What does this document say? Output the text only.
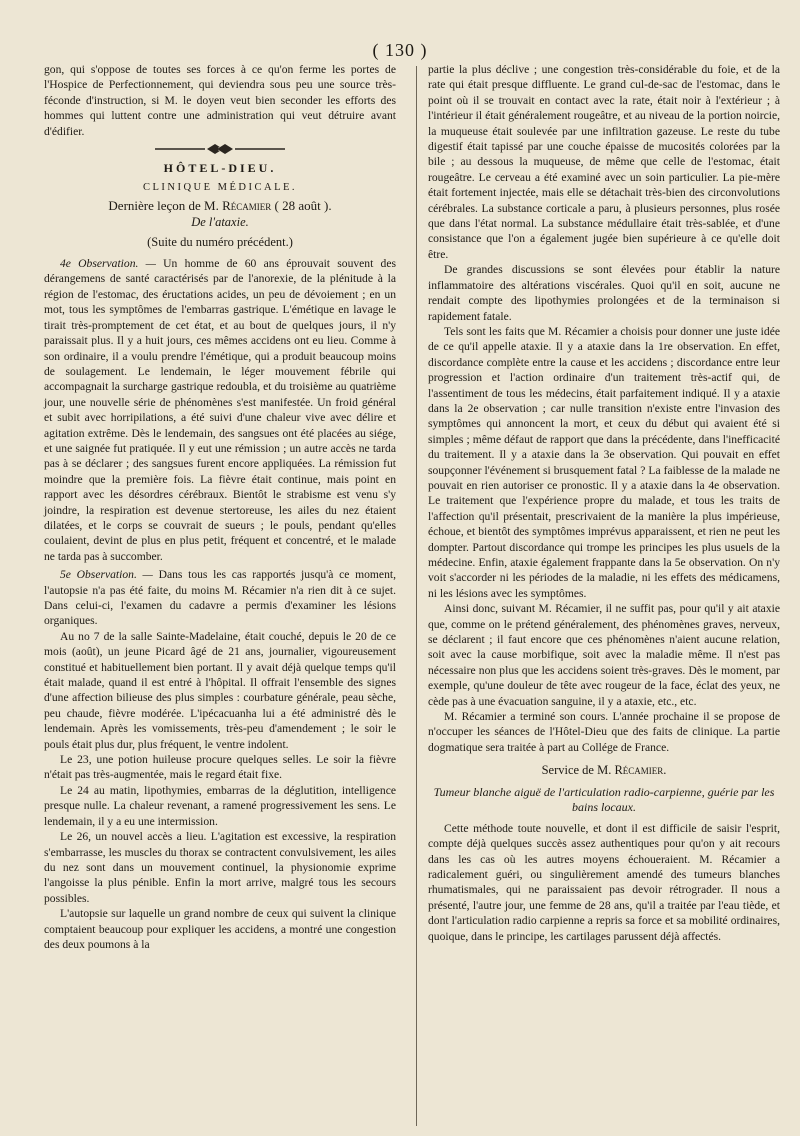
( 130 )

gon, qui s'oppose de toutes ses forces à ce qu'on ferme les portes de l'Hospice de Perfectionnement, qui deviendra sous peu une source très-féconde d'instruction, si M. le doyen veut bien seconder les efforts des hommes qui luttent contre une administration qui veut détruire avant d'édifier.

HÔTEL-DIEU.
CLINIQUE MÉDICALE.
Dernière leçon de M. Récamier ( 28 août ).
De l'ataxie.
(Suite du numéro précédent.)

4e Observation. — Un homme de 60 ans éprouvait souvent des dérangemens de santé caractérisés par de l'anorexie, de la plénitude à la région de l'estomac, des éructations acides, un peu de dévoiement ; en un mot, tous les symptômes de l'embarras gastrique. L'émétique en lavage le tirait très-promptement de cet état, et au bout de quelques jours, il n'y paraissait plus. Il y a huit jours, ces mêmes accidens ont eu lieu. Comme à son ordinaire, il a voulu prendre l'émétique, qui a produit beaucoup moins de soulagement. Le lendemain, le léger mouvement fébrile qui accompagnait la surcharge gastrique redoubla, et du troisième au quatrième jour, une nouvelle série de phénomènes s'est manifestée. Un froid général et subit avec horripilations, a été suivi d'une chaleur vive avec délire et agitation extrême. Dès le lendemain, des sangsues ont été placées au siége, et une saignée fut pratiquée. Il y eut une rémission ; un autre accès ne tarda pas à se déclarer ; des sangsues furent encore appliquées. La rémission fut moindre que la première fois. La fièvre était continue, mais point en rapport avec les désordres cérébraux. Bientôt le strabisme est venu s'y joindre, la respiration est devenue stertoreuse, les ailes du nez étaient dilatées, et le corps se couvrait de sueurs ; le pouls, pendant qu'elles coulaient, devint de plus en plus petit, fréquent et concentré, et le malade ne tarda pas à succomber.

5e Observation. — Dans tous les cas rapportés jusqu'à ce moment, l'autopsie n'a pas été faite, du moins M. Récamier n'a rien dit à ce sujet. Dans celui-ci, l'examen du cadavre a permis d'examiner les lésions organiques.

Au no 7 de la salle Sainte-Madelaine, était couché, depuis le 20 de ce mois (août), un jeune Picard âgé de 21 ans, journalier, vigoureusement constitué et habituellement bien portant. Il y avait déjà quelque temps qu'il était malade, quand il est entré à l'hôpital. Il offrait l'ensemble des signes d'une affection bilieuse des plus simples : courbature générale, peau sèche, peu chaude, fièvre modérée. L'ipécacuanha lui a été administré dès le lendemain. Après les vomissements, très-peu d'amendement ; le soir le pouls était plus dur, plus fréquent, le ventre indolent.

Le 23, une potion huileuse procure quelques selles. Le soir la fièvre n'était pas très-augmentée, mais le regard était fixe.

Le 24 au matin, lipothymies, embarras de la déglutition, intelligence presque nulle. La chaleur revenant, a ramené progressivement les sens. Le lendemain, il y a eu une intermission.

Le 26, un nouvel accès a lieu. L'agitation est excessive, la respiration s'embarrasse, les muscles du thorax se contractent convulsivement, les ailes du nez sont dans un mouvement continuel, la physionomie exprime l'angoisse la plus pénible. Enfin la mort arrive, malgré tous les secours possibles.

L'autopsie sur laquelle un grand nombre de ceux qui suivent la clinique comptaient beaucoup pour expliquer les accidens, a montré une congestion des deux poumons à la

partie la plus déclive ; une congestion très-considérable du foie, et de la rate qui était presque diffluente. Le grand cul-de-sac de l'estomac, dans le point où il se trouvait en contact avec la rate, était noir à l'extérieur ; à l'intérieur il était généralement rougeâtre, et au niveau de la portion noircie, la muqueuse était soulevée par une infiltration gazeuse. Le reste du tube digestif était tapissé par une couche épaisse de mucosités colorées par la bile ; au dessous la muqueuse, de même que celle de l'estomac, était rougeâtre. Le cerveau a été examiné avec un soin particulier. La pie-mère était fortement injectée, mais elle se détachait très-bien des circonvolutions cérébrales. La substance corticale a paru, à plusieurs personnes, plus rosée que dans l'état normal. La substance médullaire était très-sablée, et d'une consistance que l'on a également jugée bien supérieure à ce qu'elle doit être.

De grandes discussions se sont élevées pour établir la nature inflammatoire des altérations viscérales. Quoi qu'il en soit, aucune ne rendait compte des lipothymies prolongées et de la terminaison si rapidement fatale.

Tels sont les faits que M. Récamier a choisis pour donner une juste idée de ce qu'il appelle ataxie. Il y a ataxie dans la 1re observation. En effet, discordance complète entre la cause et les accidens ; discordance entre leur progression et l'action ordinaire d'un traitement très-actif qui, de l'assentiment de tous les médecins, était parfaitement indiqué. Il y a ataxie dans la 2e observation ; car nulle transition n'existe entre l'invasion des symptômes qui annoncent la mort, et ceux du début qui avaient été si simples ; même défaut de rapport que dans la précédente, dans l'inefficacité du traitement. Il y a ataxie dans la 3e observation. Qui pouvait en effet soupçonner l'événement si brusquement fatal ? La faiblesse de la malade ne pouvait en rien autoriser ce pronostic. Il y a ataxie dans la 4e observation. Le traitement que l'expérience propre du malade, et tous les traits de l'affection qu'il présentait, prescrivaient de la manière la plus impérieuse, échoue, et bientôt des symptômes imprévus apparaissent, et rien ne peut les dompter. Partout discordance qui trompe les principes les plus usuels de la médecine. Enfin, ataxie également frappante dans la 5e observation. On n'y voit s'accorder ni les périodes de la maladie, ni les effets des médicamens, ni les lésions avec les symptômes.

Ainsi donc, suivant M. Récamier, il ne suffit pas, pour qu'il y ait ataxie que, comme on le prétend généralement, des phénomènes graves, nerveux, se déclarent ; il faut encore que ces phénomènes n'aient aucune relation, soit avec la cause morbifique, soit avec la maladie même. Il n'est pas nécessaire non plus que les accidens soient très-graves. Dès le moment, par exemple, qu'une douleur de tête avec rougeur de la face, éclat des yeux, ne cède pas à une évacuation sanguine, il y a ataxie, etc., etc.

M. Récamier a terminé son cours. L'année prochaine il se propose de n'occuper les séances de l'Hôtel-Dieu que des faits de clinique. La partie dogmatique sera traitée à part au Collége de France.

Service de M. Récamier.
Tumeur blanche aiguë de l'articulation radio-carpienne, guérie par les bains locaux.

Cette méthode toute nouvelle, et dont il est difficile de saisir l'esprit, compte déjà quelques succès assez authentiques pour qu'on y ait recours dans les cas où les autres moyens échoueraient. M. Récamier a radicalement guéri, ou singulièrement amendé des tumeurs blanches rhumatismales, qui ne paraissaient pas devoir rétrograder. Il nous a présenté, l'autre jour, une femme de 28 ans, qu'il a traitée par l'eau tiède, et dont l'articulation radio carpienne a repris sa force et sa mobilité ordinaires, quoique, dans le principe, les cartilages parussent déjà affectés.
